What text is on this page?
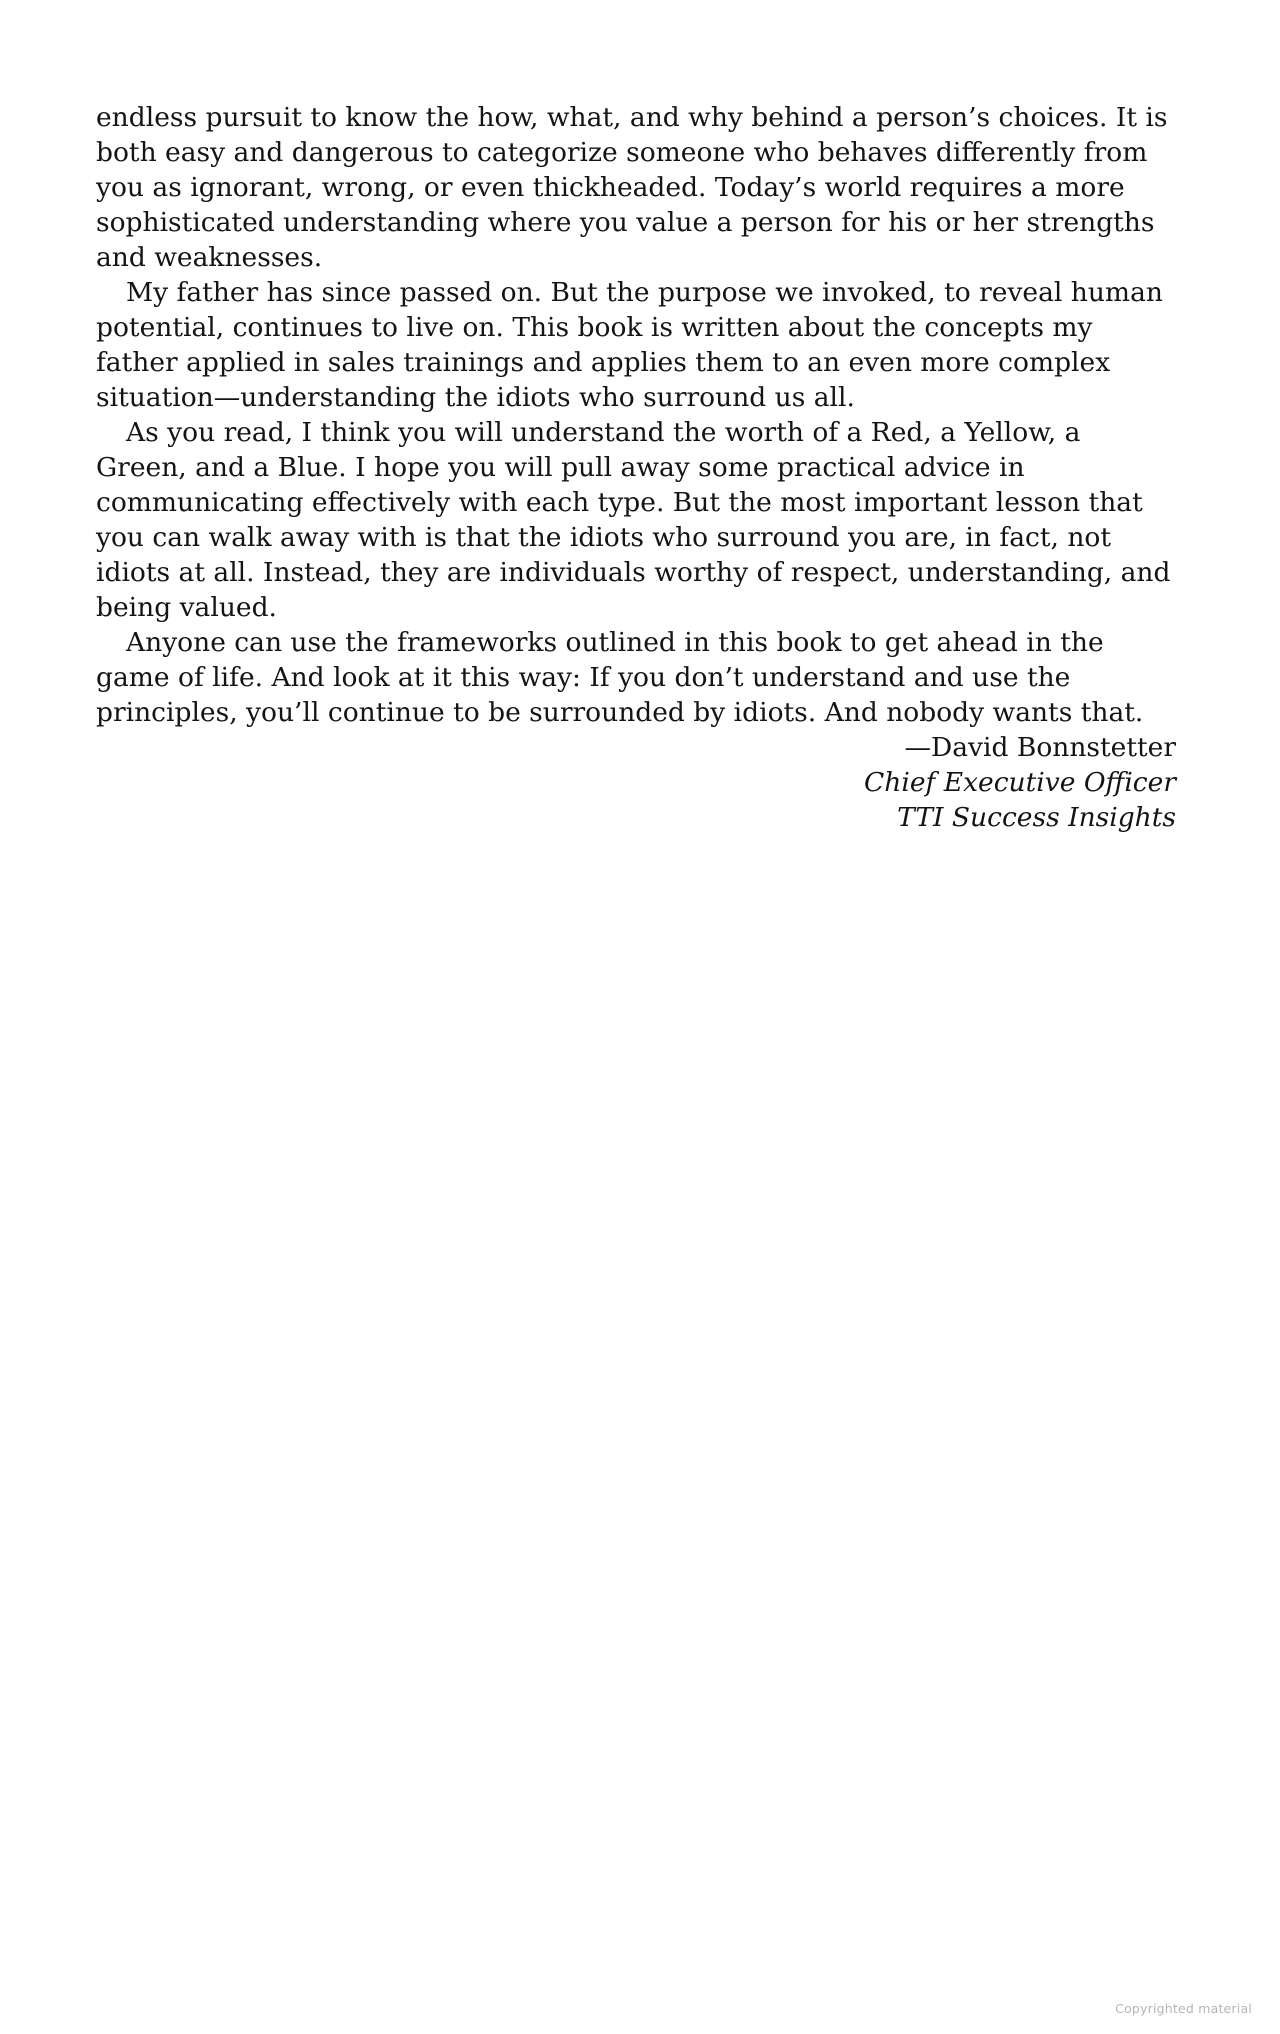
endless pursuit to know the how, what, and why behind a person’s choices. It is both easy and dangerous to categorize someone who behaves differently from you as ignorant, wrong, or even thickheaded. Today’s world requires a more sophisticated understanding where you value a person for his or her strengths and weaknesses.

My father has since passed on. But the purpose we invoked, to reveal human potential, continues to live on. This book is written about the concepts my father applied in sales trainings and applies them to an even more complex situation—understanding the idiots who surround us all.

As you read, I think you will understand the worth of a Red, a Yellow, a Green, and a Blue. I hope you will pull away some practical advice in communicating effectively with each type. But the most important lesson that you can walk away with is that the idiots who surround you are, in fact, not idiots at all. Instead, they are individuals worthy of respect, understanding, and being valued.

Anyone can use the frameworks outlined in this book to get ahead in the game of life. And look at it this way: If you don’t understand and use the principles, you’ll continue to be surrounded by idiots. And nobody wants that.

—David Bonnstetter

Chief Executive Officer

TTI Success Insights

Copyrighted material
